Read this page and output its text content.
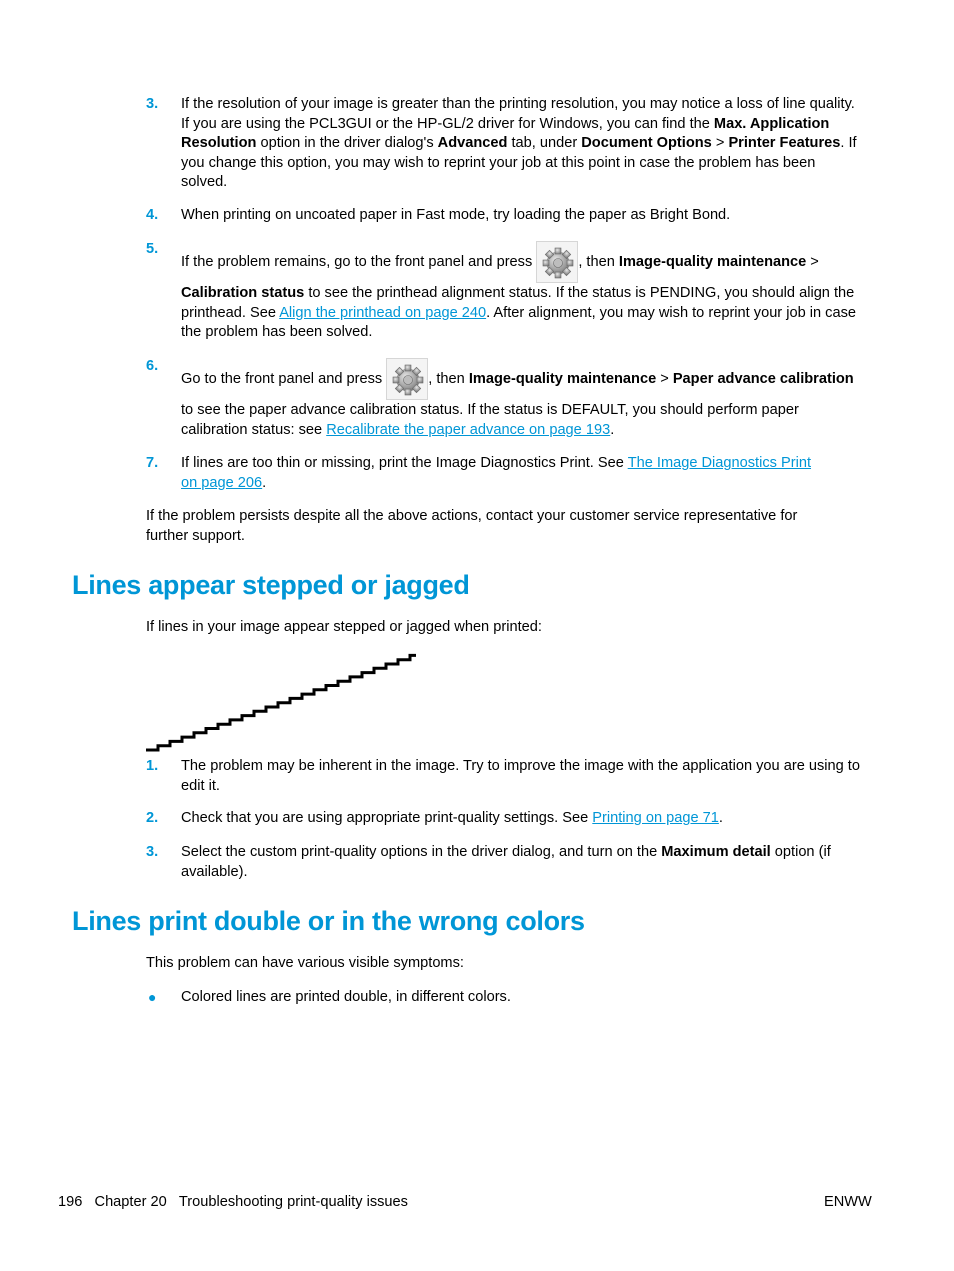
3.	If the resolution of your image is greater than the printing resolution, you may notice a loss of line quality. If you are using the PCL3GUI or the HP-GL/2 driver for Windows, you can find the Max. Application Resolution option in the driver dialog's Advanced tab, under Document Options > Printer Features. If you change this option, you may wish to reprint your job at this point in case the problem has been solved.
4.	When printing on uncoated paper in Fast mode, try loading the paper as Bright Bond.
5.
If the problem remains, go to the front panel and press	, then Image-quality maintenance >
Calibration status to see the printhead alignment status. If the status is PENDING, you should align the printhead. See Align the printhead on page 240. After alignment, you may wish to reprint your job in case the problem has been solved.
6.
Go to the front panel and press	, then Image-quality maintenance > Paper advance calibration
to see the paper advance calibration status. If the status is DEFAULT, you should perform paper calibration status: see Recalibrate the paper advance on page 193.
7.	If lines are too thin or missing, print the Image Diagnostics Print. See The Image Diagnostics Print on page 206.
If the problem persists despite all the above actions, contact your customer service representative for further support.
Lines appear stepped or jagged
If lines in your image appear stepped or jagged when printed:
1.	The problem may be inherent in the image. Try to improve the image with the application you are using to edit it.
2.	Check that you are using appropriate print-quality settings. See Printing on page 71.
3.	Select the custom print-quality options in the driver dialog, and turn on the Maximum detail option (if available).
Lines print double or in the wrong colors
This problem can have various visible symptoms:
● Colored lines are printed double, in different colors.
196 Chapter 20 Troubleshooting print-quality issues	ENWW
